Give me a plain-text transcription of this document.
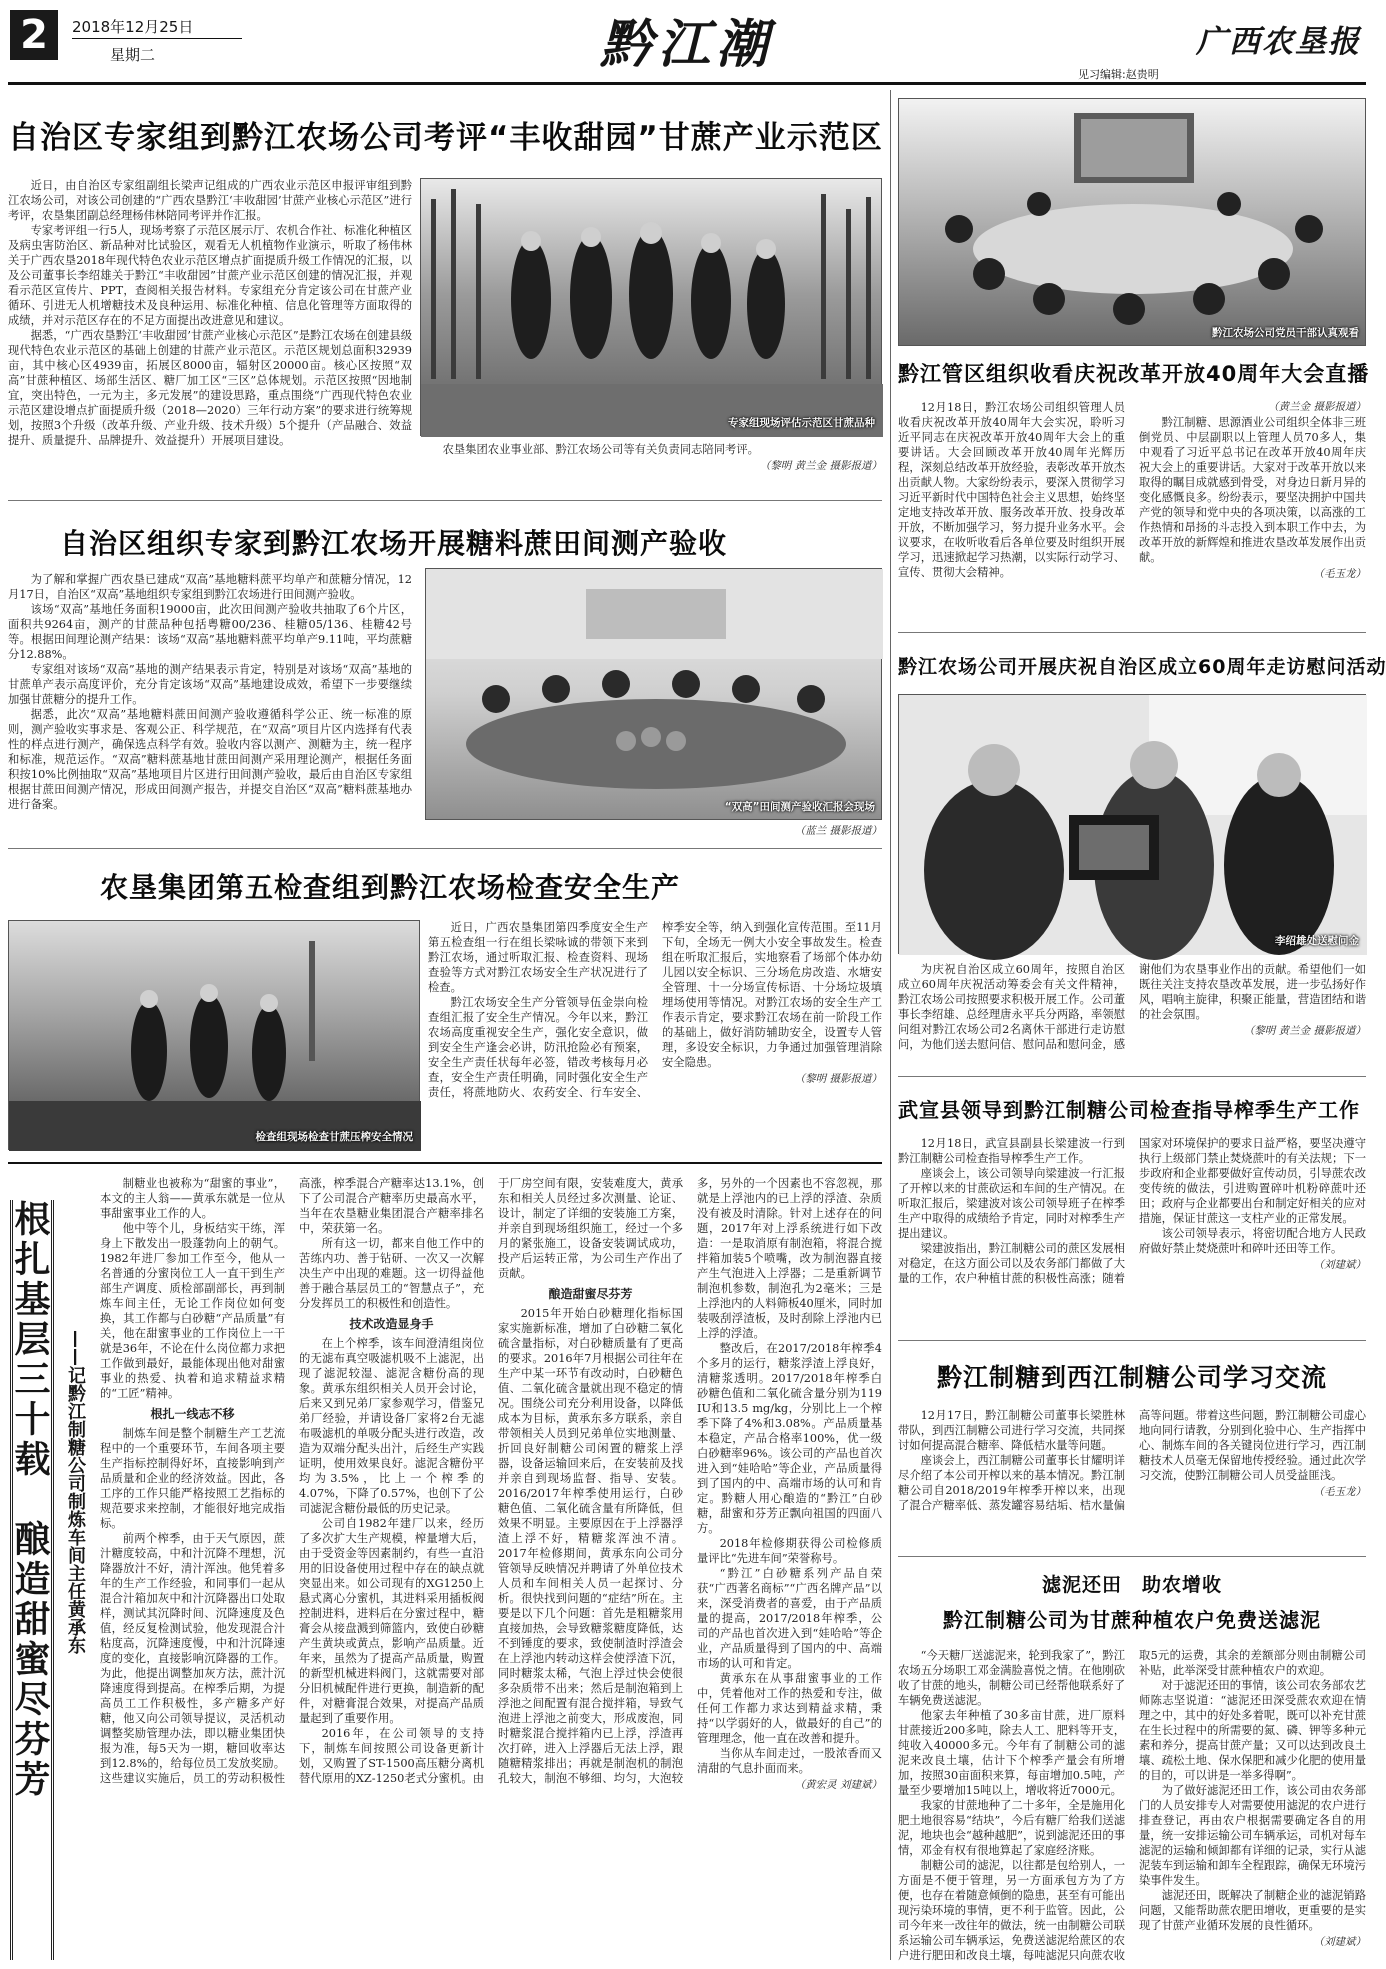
2	2018年12月25日
星期二	黔江潮	见习编辑:赵贵明
广西农垦报
自治区专家组到黔江农场公司考评“丰收甜园”甘蔗产业示范区
专家组现场评估示范区甘蔗品种

近日，由自治区专家组副组长梁声记组成的广西农业示范区申报评审组到黔江农场公司，对该公司创建的“广西农垦黔江‘丰收甜园’甘蔗产业核心示范区”进行考评，农垦集团副总经理杨伟林陪同考评并作汇报。

专家考评组一行5人，现场考察了示范区展示厅、农机合作社、标准化种植区及病虫害防治区、新品种对比试验区，观看无人机植物作业演示，听取了杨伟林关于广西农垦2018年现代特色农业示范区增点扩面提质升级工作情况的汇报，以及公司董事长李绍雄关于黔江“丰收甜园”甘蔗产业示范区创建的情况汇报，并观看示范区宣传片、PPT，查阅相关报告材料。专家组充分肯定该公司在甘蔗产业循环、引进无人机增糖技术及良种运用、标准化种植、信息化管理等方面取得的成绩，并对示范区存在的不足方面提出改进意见和建议。

据悉，“广西农垦黔江‘丰收甜园’甘蔗产业核心示范区”是黔江农场在创建县级现代特色农业示范区的基础上创建的甘蔗产业示范区。示范区规划总面积32939亩，其中核心区4939亩，拓展区8000亩，辐射区20000亩。核心区按照“双高”甘蔗种植区、场部生活区、糖厂加工区“三区”总体规划。示范区按照“因地制宜，突出特色，一元为主，多元发展”的建设思路，重点围绕“广西现代特色农业示范区建设增点扩面提质升级（2018—2020）三年行动方案”的要求进行统筹规划，按照3个升级（改革升级、产业升级、技术升级）5个提升（产品融合、效益提升、质量提升、品牌提升、效益提升）开展项目建设。

农垦集团农业事业部、黔江农场公司等有关负责同志陪同考评。

（黎明 黄兰金 摄影报道）
自治区组织专家到黔江农场开展糖料蔗田间测产验收

为了解和掌握广西农垦已建成“双高”基地糖料蔗平均单产和蔗糖分情况，12月17日，自治区“双高”基地组织专家组到黔江农场进行田间测产验收。

该场“双高”基地任务面积19000亩，此次田间测产验收共抽取了6个片区，面积共9264亩，测产的甘蔗品种包括粤糖00/236、桂糖05/136、桂糖42号等。根据田间理论测产结果：该场“双高”基地糖料蔗平均单产9.11吨，平均蔗糖分12.88%。

专家组对该场“双高”基地的测产结果表示肯定，特别是对该场“双高”基地的甘蔗单产表示高度评价，充分肯定该场“双高”基地建设成效，希望下一步要继续加强甘蔗糖分的提升工作。

据悉，此次“双高”基地糖料蔗田间测产验收遵循科学公正、统一标准的原则，测产验收实事求是、客观公正、科学规范，在“双高”项目片区内选择有代表性的样点进行测产，确保选点科学有效。验收内容以测产、测糖为主，统一程序和标准，规范运作。“双高”糖料蔗基地甘蔗田间测产采用理论测产，根据任务面积按10%比例抽取“双高”基地项目片区进行田间测产验收，最后由自治区专家组根据甘蔗田间测产情况，形成田间测产报告，并提交自治区“双高”糖料蔗基地办进行备案。	“双高”田间测产验收汇报会现场
（蓝兰 摄影报道）
农垦集团第五检查组到黔江农场检查安全生产
检查组现场检查甘蔗压榨安全情况

近日，广西农垦集团第四季度安全生产第五检查组一行在组长梁咏诚的带领下来到黔江农场，通过听取汇报、检查资料、现场查验等方式对黔江农场安全生产状况进行了检查。

黔江农场安全生产分管领导伍金崇向检查组汇报了安全生产情况。今年以来，黔江农场高度重视安全生产，强化安全意识，做到安全生产逢会必讲，防汛抢险必有预案，安全生产责任状每年必签，错改考核每月必查，安全生产责任明确，同时强化安全生产责任，将蔗地防火、农药安全、行车安全、榨季安全等，纳入到强化宣传范围。至11月下旬，全场无一例大小安全事故发生。检查组在听取汇报后，实地察看了场部个体办幼儿园以安全标识、三分场危房改造、水塘安全管理、十一分场宣传标语、十分场垃圾填埋场使用等情况。对黔江农场的安全生产工作表示肯定，要求黔江农场在前一阶段工作的基础上，做好消防辅助安全，设置专人管理，多设安全标识，力争通过加强管理消除安全隐患。

（黎明 摄影报道）
根扎基层三十载　酿造甜蜜尽芬芳 ——记黔江制糖公司制炼车间主任黄承东

制糖业也被称为“甜蜜的事业”，本文的主人翁——黄承东就是一位从事甜蜜事业工作的人。

他中等个儿，身板结实干练，浑身上下散发出一股蓬勃向上的朝气。1982年进厂参加工作至今，他从一名普通的分蜜岗位工人一直干到生产部生产调度、质检部副部长，再到制炼车间主任，无论工作岗位如何变换，其工作都与白砂糖“产品质量”有关，他在甜蜜事业的工作岗位上一干就是36年，不论在什么岗位都力求把工作做到最好，最能体现出他对甜蜜事业的热爱、执着和追求精益求精的“工匠”精神。

根扎一线志不移

制炼车间是整个制糖生产工艺流程中的一个重要环节，车间各项主要生产指标控制得好坏，直接影响到产品质量和企业的经济效益。因此，各工序的工作只能严格按照工艺指标的规范要求来控制，才能很好地完成指标。

前两个榨季，由于天气原因，蔗汁糖度较高，中和汁沉降不理想，沉降器放汁不好，清汁浑浊。他凭着多年的生产工作经验，和同事们一起从混合汁箱加灰中和汁沉降器出口处取样，测试其沉降时间、沉降速度及色值，经反复检测试验，他发现混合汁粘度高，沉降速度慢，中和汁沉降速度的变化，直接影响沉降器的工作。为此，他提出调整加灰方法，蔗汁沉降速度得到提高。在榨季后期，为提高员工工作积极性，多产糖多产好糖，他又向公司领导提议，灵活机动调整奖励管理办法，即以糖业集团快报为准，每5天为一期，糖回收率达到12.8%的，给每位员工发放奖励。这些建议实施后，员工的劳动积极性高涨，榨季混合产糖率达13.1%，创下了公司混合产糖率历史最高水平，当年在农垦糖业集团混合产糖率排名中，荣获第一名。

所有这一切，都来自他工作中的苦练内功、善于钻研、一次又一次解决生产中出现的难题。这一切得益他善于融合基层员工的“智慧点子”，充分发挥员工的积极性和创造性。

技术改造显身手

在上个榨季，该车间澄清组岗位的无滤布真空吸滤机吸不上滤泥，出现了滤泥较湿、滤泥含糖份高的现象。黄承东组织相关人员开会讨论，后来又到兄弟厂家参观学习，借鉴兄弟厂经验，并请设备厂家将2台无滤布吸滤机的单吸分配头进行改造，改造为双端分配头出汁，后经生产实践证明，使用效果良好。滤泥含糖份平均为3.5%，比上一个榨季的4.07%，下降了0.57%，也创下了公司滤泥含糖份最低的历史记录。

公司自1982年建厂以来，经历了多次扩大生产规模，榨量增大后，由于受资金等因素制约，有些一直沿用的旧设备使用过程中存在的缺点就突显出来。如公司现有的XG1250上悬式离心分蜜机，其进料采用插板阀控制进料，进料后在分蜜过程中，糖膏会从接盘溅到筛篮内，致使白砂糖产生黄块或黄点，影响产品质量。近年来，虽然为了提高产品质量，购置的新型机械进料阀门，这就需要对部分旧机械配件进行更换，制造新的配件，对糖膏混合效果，对提高产品质量起到了重要作用。

2016年，在公司领导的支持下，制炼车间按照公司设备更新计划，又购置了ST-1500高压糖分离机替代原用的XZ-1250老式分蜜机。由于厂房空间有限，安装难度大，黄承东和相关人员经过多次测量、论证、设计，制定了详细的安装施工方案，并亲自到现场组织施工，经过一个多月的紧张施工，设备安装调试成功，投产后运转正常，为公司生产作出了贡献。

酿造甜蜜尽芬芳

2015年开始白砂糖理化指标国家实施新标准，增加了白砂糖二氧化硫含量指标，对白砂糖质量有了更高的要求。2016年7月根据公司往年在生产中某一环节有改动时，白砂糖色值、二氧化硫含量就出现不稳定的情况。围绕公司充分利用设备，以降低成本为目标，黄承东多方联系，亲自带领相关人员到兄弟单位实地测量、折回良好制糖公司闲置的糖浆上浮器，设备运输回来后，在安装前及找并亲自到现场监督、指导、安装。2016/2017年榨季使用运行，白砂糖色值、二氧化硫含量有所降低，但效果不明显。主要原因在于上浮器浮渣上浮不好，精糖浆浑浊不清。2017年检修期间，黄承东向公司分管领导反映情况并聘请了外单位技术人员和车间相关人员一起探讨、分析。很快找到问题的“症结”所在。主要是以下几个问题：首先是粗糖浆用直接加热，会导致糖浆糖度降低，达不到锤度的要求，致使制渣时浮渣会在上浮池内转动这样会使浮渣下沉，同时糖浆太稀，气泡上浮过快会使很多杂质带不出来；然后是制泡箱到上浮池之间配置有混合搅拌箱，导致气泡进上浮池之前变大，形成废泡，同时糖浆混合搅拌箱内已上浮，浮渣再次打碎，进入上浮器后无法上浮，跟随糖精浆排出；再就是制泡机的制泡孔较大，制泡不够细、均匀，大泡较多，另外的一个因素也不容忽视，那就是上浮池内的已上浮的浮渣、杂质没有被及时清除。针对上述存在的问题，2017年对上浮系统进行如下改造：一是取消原有制泡箱，将混合搅拌箱加装5个喷嘴，改为制泡器直接产生气泡进入上浮器；二是重新调节制泡机参数，制泡孔为2毫米；三是上浮池内的人料筛板40厘米，同时加装吸刮浮渣板，及时刮除上浮池内已上浮的浮渣。

整改后，在2017/2018年榨季4个多月的运行，糖浆浮渣上浮良好，清糖浆透明。2017/2018年榨季白砂糖色值和二氧化硫含量分别为119 IU和13.5 mg/kg，分别比上一个榨季下降了4%和3.08%。产品质量基本稳定，产品合格率100%，优一级白砂糖率96%。该公司的产品也首次进入到“娃哈哈”等企业，产品质量得到了国内的中、高端市场的认可和肯定。黔糖人用心酿造的“黔江”白砂糖，甜蜜和芬芳正飘向祖国的四面八方。

2018年检修期获得公司检修质量评比“先进车间”荣誉称号。

“黔江”白砂糖系列产品自荣获“广西著名商标”“广西名牌产品”以来，深受消费者的喜爱，由于产品质量的提高，2017/2018年榨季，公司的产品也首次进入到“娃哈哈”等企业，产品质量得到了国内的中、高端市场的认可和肯定。

黄承东在从事甜蜜事业的工作中，凭着他对工作的热爱和专注，做任何工作都力求达到精益求精，秉持“以学弱好的人，做最好的自己”的管理理念，他一直在改善和提升。

当你从车间走过，一股浓香而又清甜的气息扑面而来。

（黄宏灵 刘建斌）
黔江农场公司党员干部认真观看
黔江管区组织收看庆祝改革开放40周年大会直播

12月18日，黔江农场公司组织管理人员收看庆祝改革开放40周年大会实况，聆听习近平同志在庆祝改革开放40周年大会上的重要讲话。大会回顾改革开放40周年光辉历程，深刻总结改革开放经验，表彰改革开放杰出贡献人物。大家纷纷表示，要深入贯彻学习习近平新时代中国特色社会主义思想，始终坚定地支持改革开放、服务改革开放、投身改革开放，不断加强学习，努力提升业务水平。会议要求，在收听收看后各单位要及时组织开展学习，迅速掀起学习热潮，以实际行动学习、宣传、贯彻大会精神。

（黄兰金 摄影报道）

黔江制糖、思源酒业公司组织全体非三班倒党员、中层副职以上管理人员70多人，集中观看了习近平总书记在改革开放40周年庆祝大会上的重要讲话。大家对于改革开放以来取得的瞩目成就感到骨受，对身边日新月异的变化感慨良多。纷纷表示，要坚决拥护中国共产党的领导和党中央的各项决策，以高涨的工作热情和昂扬的斗志投入到本职工作中去，为改革开放的新辉煌和推进农垦改革发展作出贡献。

（毛玉龙）
黔江农场公司开展庆祝自治区成立60周年走访慰问活动
李绍雄处送慰问金

为庆祝自治区成立60周年，按照自治区成立60周年庆祝活动筹委会有关文件精神，黔江农场公司按照要求积极开展工作。公司董事长李绍雄、总经理唐永平兵分两路，率领慰问组对黔江农场公司2名离休干部进行走访慰问，为他们送去慰问信、慰问品和慰问金，感谢他们为农垦事业作出的贡献。希望他们一如既往关注支持农垦改革发展，进一步弘扬好作风，唱响主旋律，积聚正能量，营造团结和谐的社会氛围。

（黎明 黄兰金 摄影报道）
武宣县领导到黔江制糖公司检查指导榨季生产工作

12月18日，武宣县副县长梁建波一行到黔江制糖公司检查指导榨季生产工作。

座谈会上，该公司领导向梁建波一行汇报了开榨以来的甘蔗砍运和车间的生产情况。在听取汇报后，梁建波对该公司领导班子在榨季生产中取得的成绩给予肯定，同时对榨季生产提出建议。

梁建波指出，黔江制糖公司的蔗区发展相对稳定，在这方面公司以及农务部门都做了大量的工作，农户种植甘蔗的积极性高涨；随着国家对环境保护的要求日益严格，要坚决遵守执行上级部门禁止焚烧蔗叶的有关法规；下一步政府和企业都要做好宣传动员，引导蔗农改变传统的做法，引进购置碎叶机粉碎蔗叶还田；政府与企业都要出台和制定好相关的应对措施，保证甘蔗这一支柱产业的正常发展。

该公司领导表示，将密切配合地方人民政府做好禁止焚烧蔗叶和碎叶还田等工作。

（刘建斌）
黔江制糖到西江制糖公司学习交流

12月17日，黔江制糖公司董事长梁胜林带队，到西江制糖公司进行学习交流，共同探讨如何提高混合糖率、降低桔水量等问题。

座谈会上，西江制糖公司董事长甘耀明详尽介绍了本公司开榨以来的基本情况。黔江制糖公司自2018/2019年榨季开榨以来，出现了混合产糖率低、蒸发罐容易结垢、桔水量偏高等问题。带着这些问题，黔江制糖公司虚心地向同行请教，分别到化验中心、生产指挥中心、制炼车间的各关键岗位进行学习，西江制糖技术人员毫无保留地传授经验。通过此次学习交流，使黔江制糖公司人员受益匪浅。

（毛玉龙）
滤泥还田　助农增收
黔江制糖公司为甘蔗种植农户免费送滤泥

“今天糖厂送滤泥来，轮到我家了”，黔江农场五分场职工邓金满脸喜悦之情。在他刚砍收了甘蔗的地头，制糖公司已经帮他联系好了车辆免费送滤泥。

他家去年种植了30多亩甘蔗，进厂原料甘蔗接近200多吨，除去人工、肥料等开支，纯收入40000多元。今年有了制糖公司的滤泥来改良土壤，估计下个榨季产量会有所增加，按照30亩面积来算，每亩增加0.5吨，产量至少要增加15吨以上，增收将近7000元。

我家的甘蔗地种了二十多年，全是施用化肥土地很容易“结块”，今后有糖厂给我们送滤泥，地块也会“越种越肥”，说到滤泥还田的事情，邓金有权有很地算起了家庭经济账。

制糖公司的滤泥，以往都是包给别人，一方面是不便于管理，另一方面承包方为了方便，也存在着随意倾倒的隐患，甚至有可能出现污染环境的事情，更不利于监管。因此，公司今年来一改往年的做法，统一由制糖公司联系运输公司车辆承运，免费送滤泥给蔗区的农户进行肥田和改良土壤，每吨滤泥只向蔗农收取5元的运费，其余的差额部分则由制糖公司补贴，此举深受甘蔗种植农户的欢迎。

对于滤泥还田的事情，该公司农务部农艺师陈志坚说道：“滤泥还田深受蔗农欢迎在情理之中，其中的好处多着呢，既可以补充甘蔗在生长过程中的所需要的氮、磷、钾等多种元素和养分，提高甘蔗产量；又可以达到改良土壤、疏松土地、保水保肥和减少化肥的使用量的目的，可以讲是一举多得啊”。

为了做好滤泥还田工作，该公司由农务部门的人员安排专人对需要使用滤泥的农户进行排查登记，再由农户根据需要确定各自的用量，统一安排运输公司车辆承运，司机对每车滤泥的运输和倾卸都有详细的记录，实行从滤泥装车到运输和卸车全程跟踪，确保无环境污染事件发生。

滤泥还田，既解决了制糖企业的滤泥销路问题，又能帮助蔗农肥田增收，更重要的是实现了甘蔗产业循环发展的良性循环。

（刘建斌）
